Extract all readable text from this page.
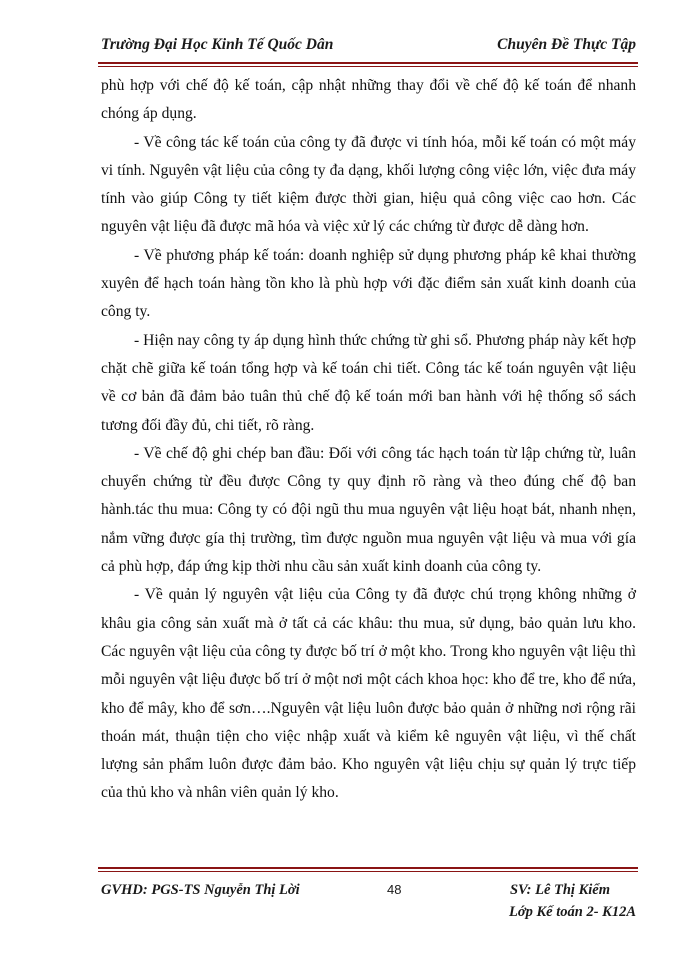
Trường Đại Học Kinh Tế Quốc Dân	Chuyên Đề Thực Tập

phù hợp với chế độ kế toán, cập nhật những thay đổi về chế độ kế toán để nhanh chóng áp dụng.

- Về công tác kế toán của công ty đã được vi tính hóa, mỗi kế toán có một máy vi tính. Nguyên vật liệu của công ty đa dạng, khối lượng công việc lớn, việc đưa máy tính vào giúp Công ty tiết kiệm được thời gian, hiệu quả công việc cao hơn. Các nguyên vật liệu đã được mã hóa và việc xử lý các chứng từ được dễ dàng hơn.

- Về phương pháp kế toán: doanh nghiệp sử dụng phương pháp kê khai thường xuyên để hạch toán hàng tồn kho là phù hợp với đặc điểm sản xuất kinh doanh của công ty.

- Hiện nay công ty áp dụng hình thức chứng từ ghi sổ. Phương pháp này kết hợp chặt chẽ giữa kế toán tổng hợp và kế toán chi tiết. Công tác kế toán nguyên vật liệu về cơ bản đã đảm bảo tuân thủ chế độ kế toán mới ban hành với hệ thống sổ sách tương đối đầy đủ, chi tiết, rõ ràng.

- Về chế độ ghi chép ban đầu: Đối với công tác hạch toán từ lập chứng từ, luân chuyển chứng từ đều được Công ty quy định rõ ràng và theo đúng chế độ ban hành.tác thu mua: Công ty có đội ngũ thu mua nguyên vật liệu hoạt bát, nhanh nhẹn, nắm vững được gía thị trường, tìm được nguồn mua nguyên vật liệu và mua với gía cả phù hợp, đáp ứng kịp thời nhu cầu sản xuất kinh doanh của công ty.

- Về quản lý nguyên vật liệu của Công ty đã được chú trọng không những ở khâu gia công sản xuất mà ở tất cả các khâu: thu mua, sử dụng, bảo quản lưu kho. Các nguyên vật liệu của công ty được bố trí ở một kho. Trong kho nguyên vật liệu thì mỗi nguyên vật liệu được bố trí ở một nơi một cách khoa học: kho để tre, kho để nứa, kho để mây, kho để sơn….Nguyên vật liệu luôn được bảo quản ở những nơi rộng rãi thoán mát, thuận tiện cho việc nhập xuất và kiểm kê nguyên vật liệu, vì thế chất lượng sản phẩm luôn được đảm bảo. Kho nguyên vật liệu chịu sự quản lý trực tiếp của thủ kho và nhân viên quản lý kho.

GVHD: PGS-TS Nguyễn Thị Lời	48	SV: Lê Thị Kiểm
Lớp Kế toán 2- K12A
